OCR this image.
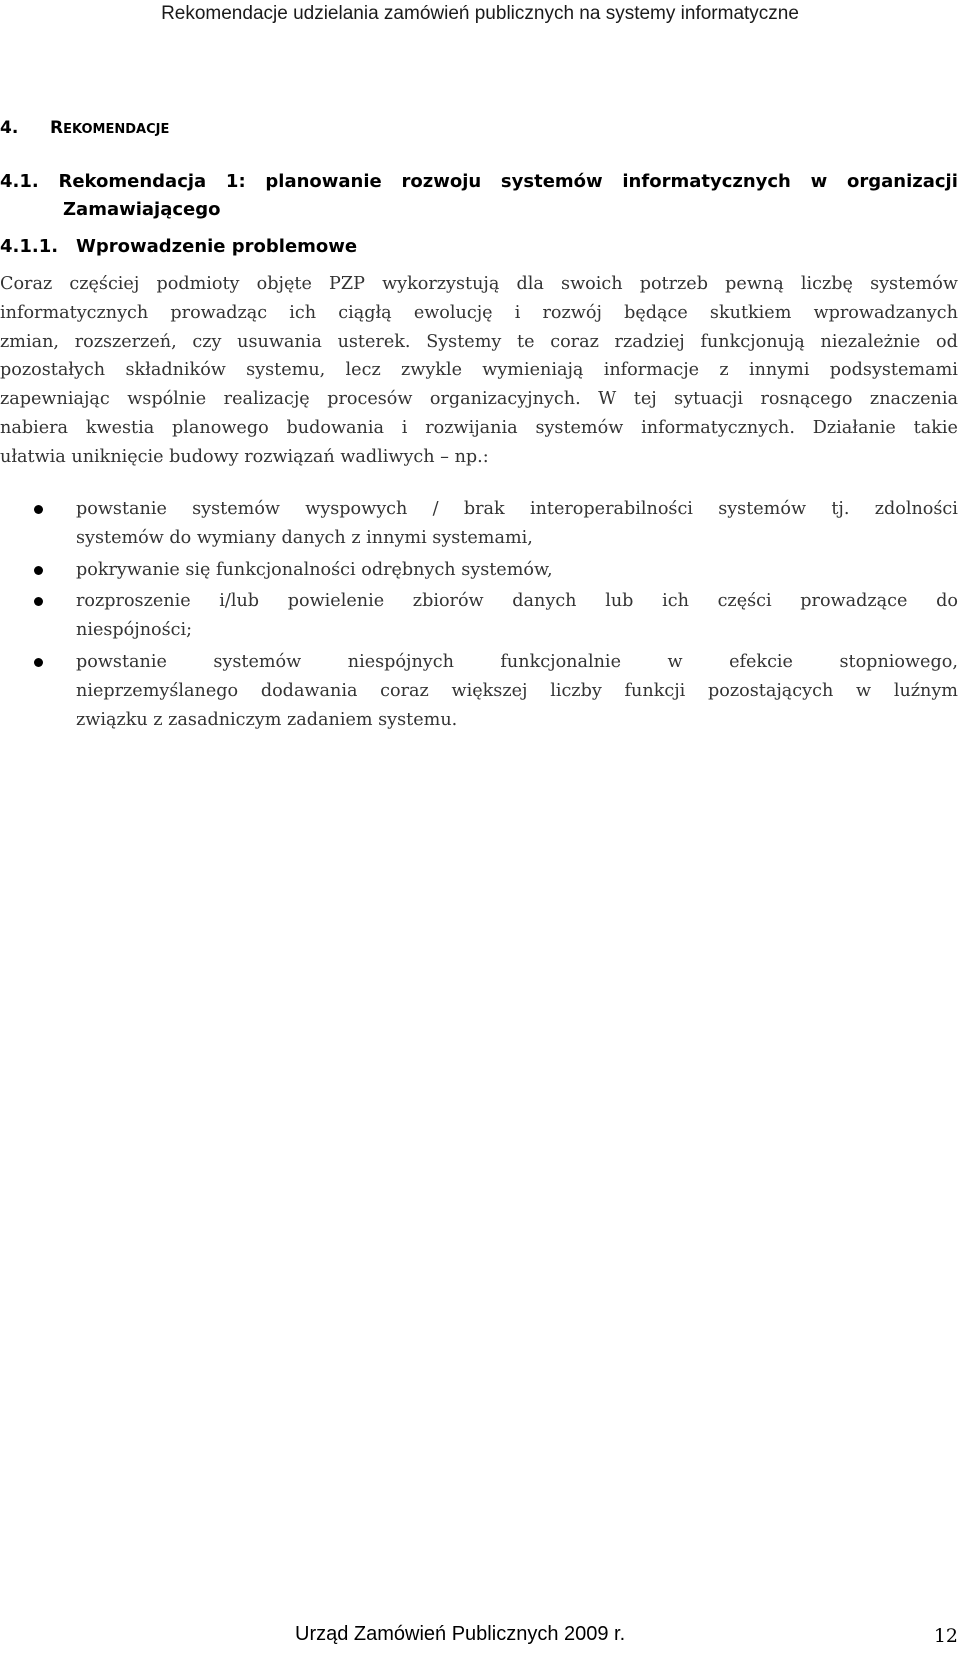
Rekomendacje udzielania zamówień publicznych na systemy informatyczne
4. REKOMENDACJE
4.1. Rekomendacja 1: planowanie rozwoju systemów informatycznych w organizacji
Zamawiającego
4.1.1. Wprowadzenie problemowe
Coraz częściej podmioty objęte PZP wykorzystują dla swoich potrzeb pewną liczbę systemów
informatycznych prowadząc ich ciągłą ewolucję i rozwój będące skutkiem wprowadzanych
zmian, rozszerzeń, czy usuwania usterek. Systemy te coraz rzadziej funkcjonują niezależnie od
pozostałych składników systemu, lecz zwykle wymieniają informacje z innymi podsystemami
zapewniając wspólnie realizację procesów organizacyjnych. W tej sytuacji rosnącego znaczenia
nabiera kwestia planowego budowania i rozwijania systemów informatycznych. Działanie takie
ułatwia uniknięcie budowy rozwiązań wadliwych – np.:
powstanie systemów wyspowych / brak interoperabilności systemów tj. zdolności
systemów do wymiany danych z innymi systemami,
pokrywanie się funkcjonalności odrębnych systemów,
rozproszenie i/lub powielenie zbiorów danych lub ich części prowadzące do
niespójności;
powstanie	systemów	niespójnych	funkcjonalnie	w	efekcie	stopniowego,
nieprzemyślanego dodawania coraz większej liczby funkcji pozostających w luźnym
związku z zasadniczym zadaniem systemu.
Urząd Zamówień Publicznych 2009 r.	12
